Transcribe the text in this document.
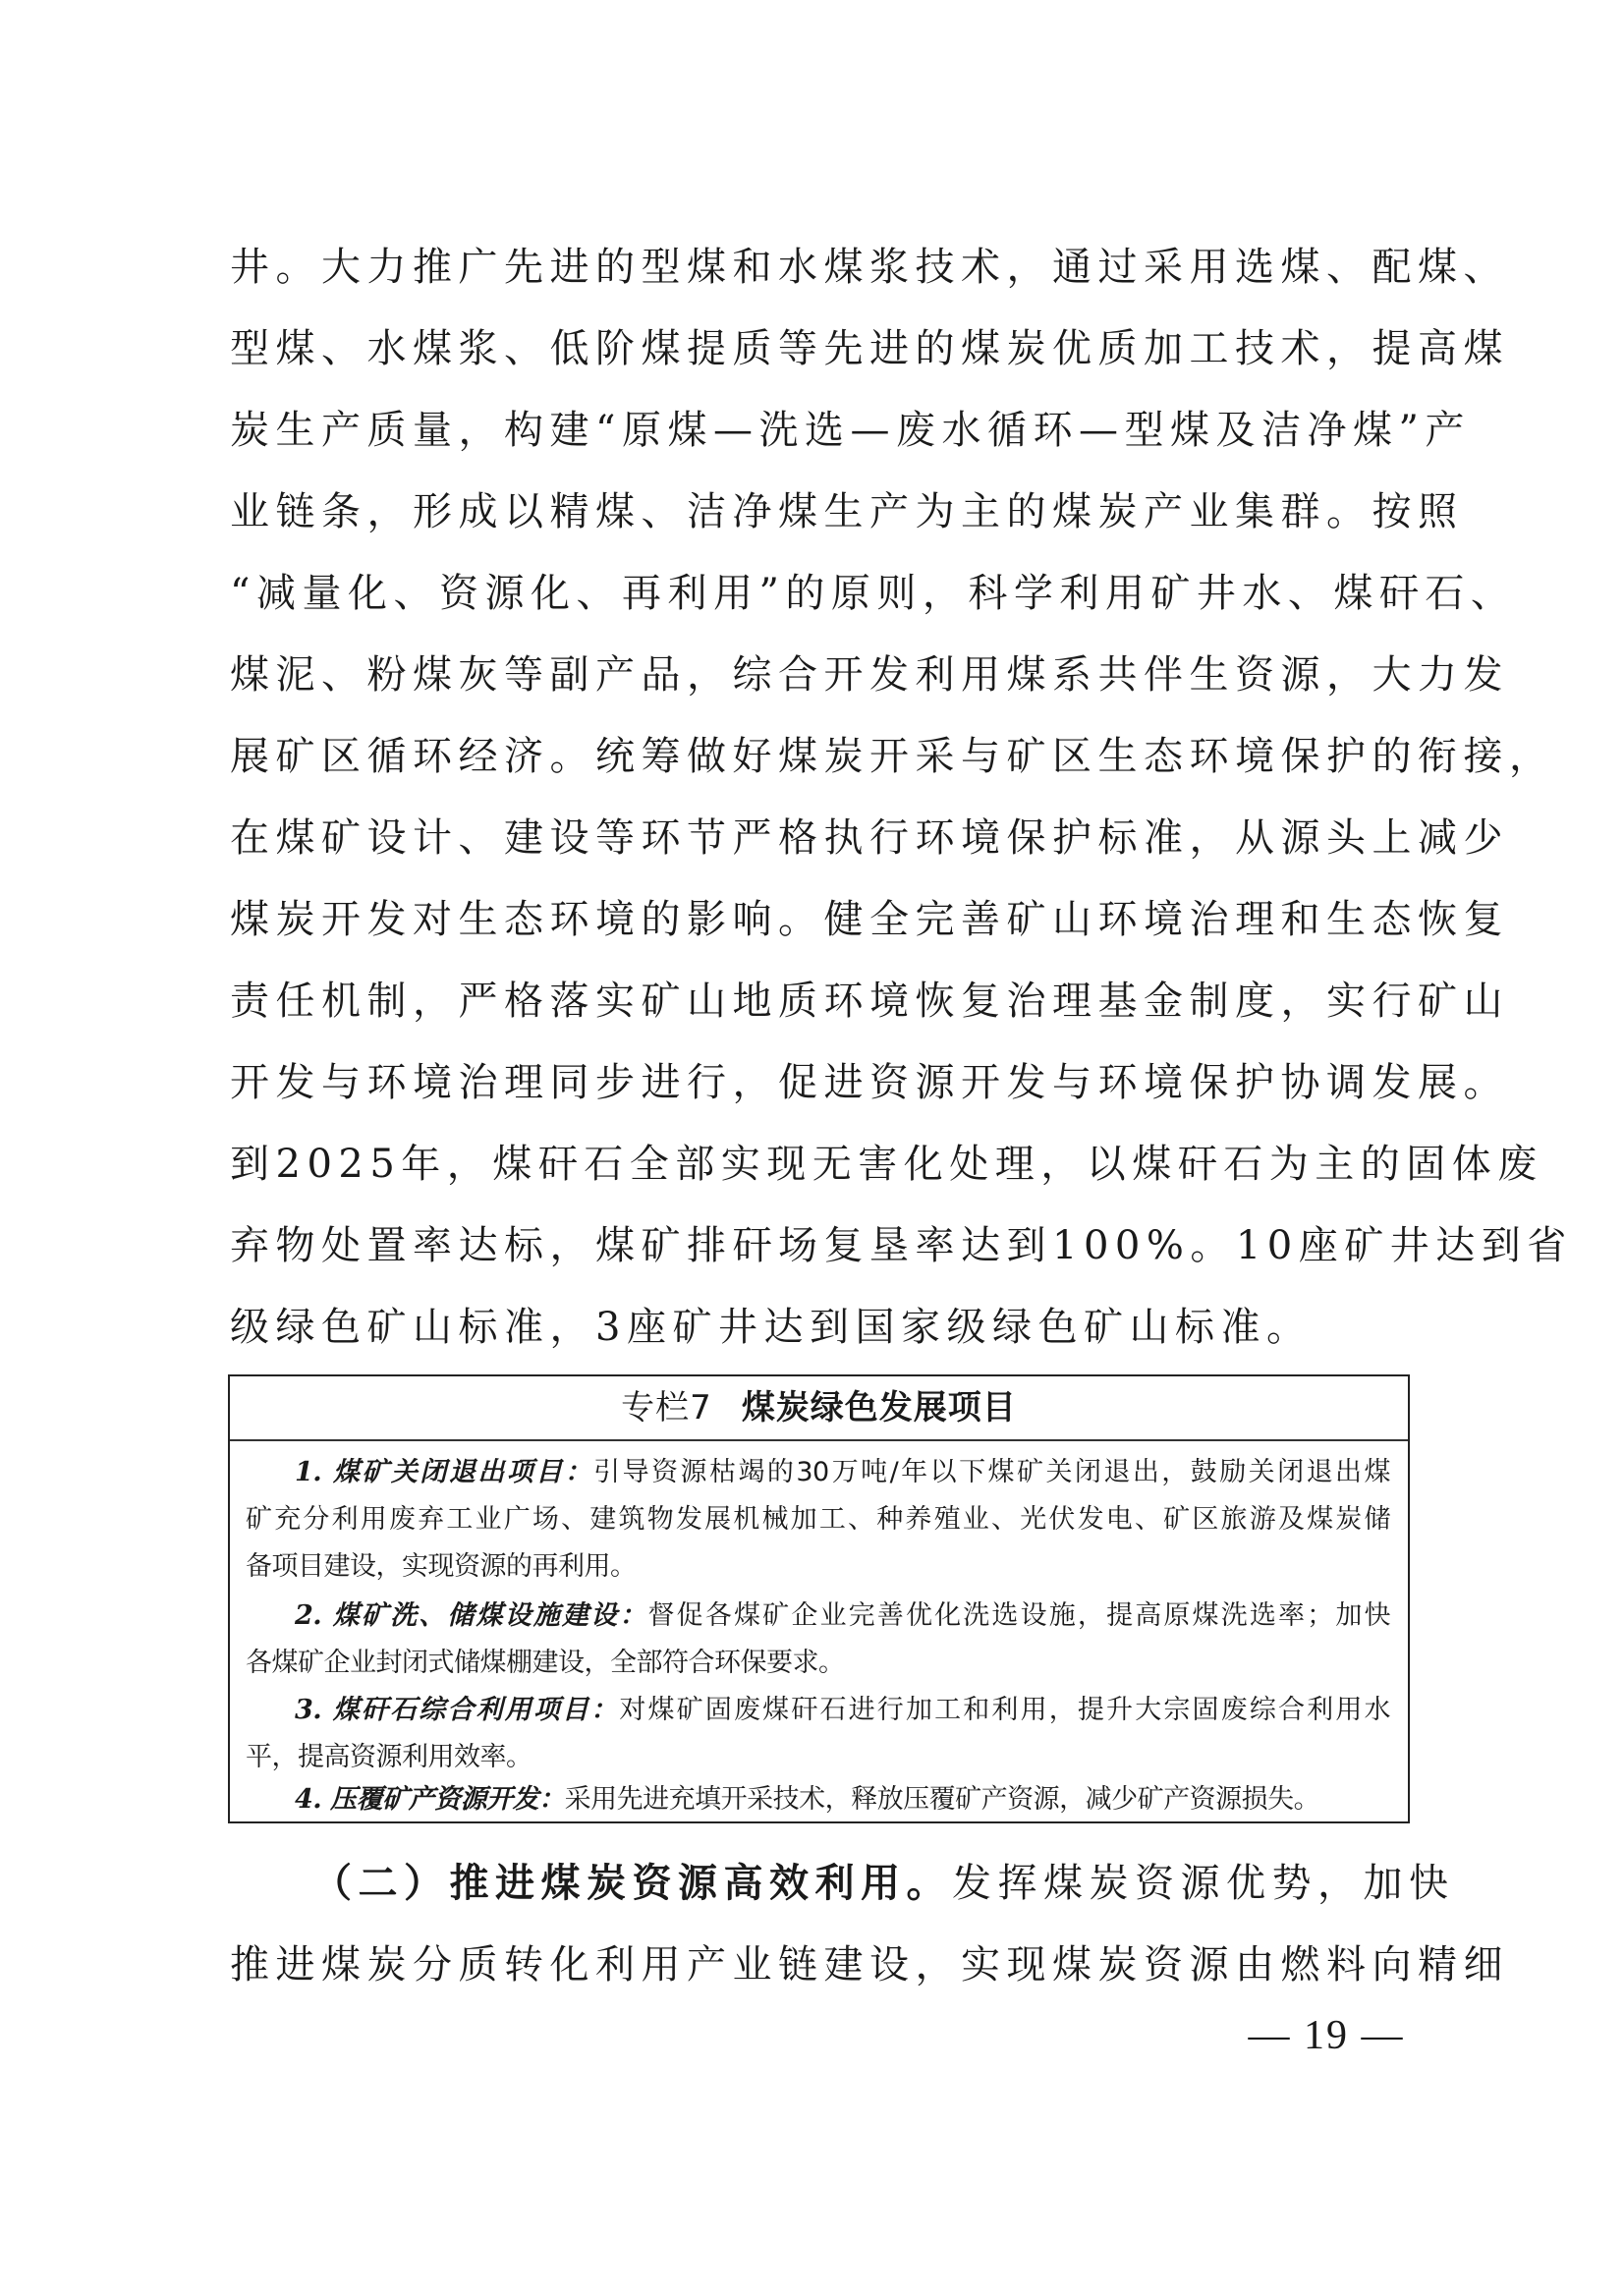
井。大力推广先进的型煤和水煤浆技术，通过采用选煤、配煤、
型煤、水煤浆、低阶煤提质等先进的煤炭优质加工技术，提高煤
炭生产质量，构建“原煤—洗选—废水循环—型煤及洁净煤”产
业链条，形成以精煤、洁净煤生产为主的煤炭产业集群。按照
“减量化、资源化、再利用”的原则，科学利用矿井水、煤矸石、
煤泥、粉煤灰等副产品，综合开发利用煤系共伴生资源，大力发
展矿区循环经济。统筹做好煤炭开采与矿区生态环境保护的衔接，
在煤矿设计、建设等环节严格执行环境保护标准，从源头上减少
煤炭开发对生态环境的影响。健全完善矿山环境治理和生态恢复
责任机制，严格落实矿山地质环境恢复治理基金制度，实行矿山
开发与环境治理同步进行，促进资源开发与环境保护协调发展。
到2025年，煤矸石全部实现无害化处理，以煤矸石为主的固体废
弃物处置率达标，煤矿排矸场复垦率达到100%。10座矿井达到省
级绿色矿山标准，3座矿井达到国家级绿色矿山标准。
专栏7 煤炭绿色发展项目
1. 煤矿关闭退出项目：引导资源枯竭的30万吨/年以下煤矿关闭退出，鼓励关闭退出煤
矿充分利用废弃工业广场、建筑物发展机械加工、种养殖业、光伏发电、矿区旅游及煤炭储
备项目建设，实现资源的再利用。
2. 煤矿洗、储煤设施建设：督促各煤矿企业完善优化洗选设施，提高原煤洗选率；加快
各煤矿企业封闭式储煤棚建设，全部符合环保要求。
3. 煤矸石综合利用项目：对煤矿固废煤矸石进行加工和利用，提升大宗固废综合利用水
平，提高资源利用效率。
4. 压覆矿产资源开发：采用先进充填开采技术，释放压覆矿产资源，减少矿产资源损失。
（二）推进煤炭资源高效利用。发挥煤炭资源优势，加快
推进煤炭分质转化利用产业链建设，实现煤炭资源由燃料向精细
— 19 —
